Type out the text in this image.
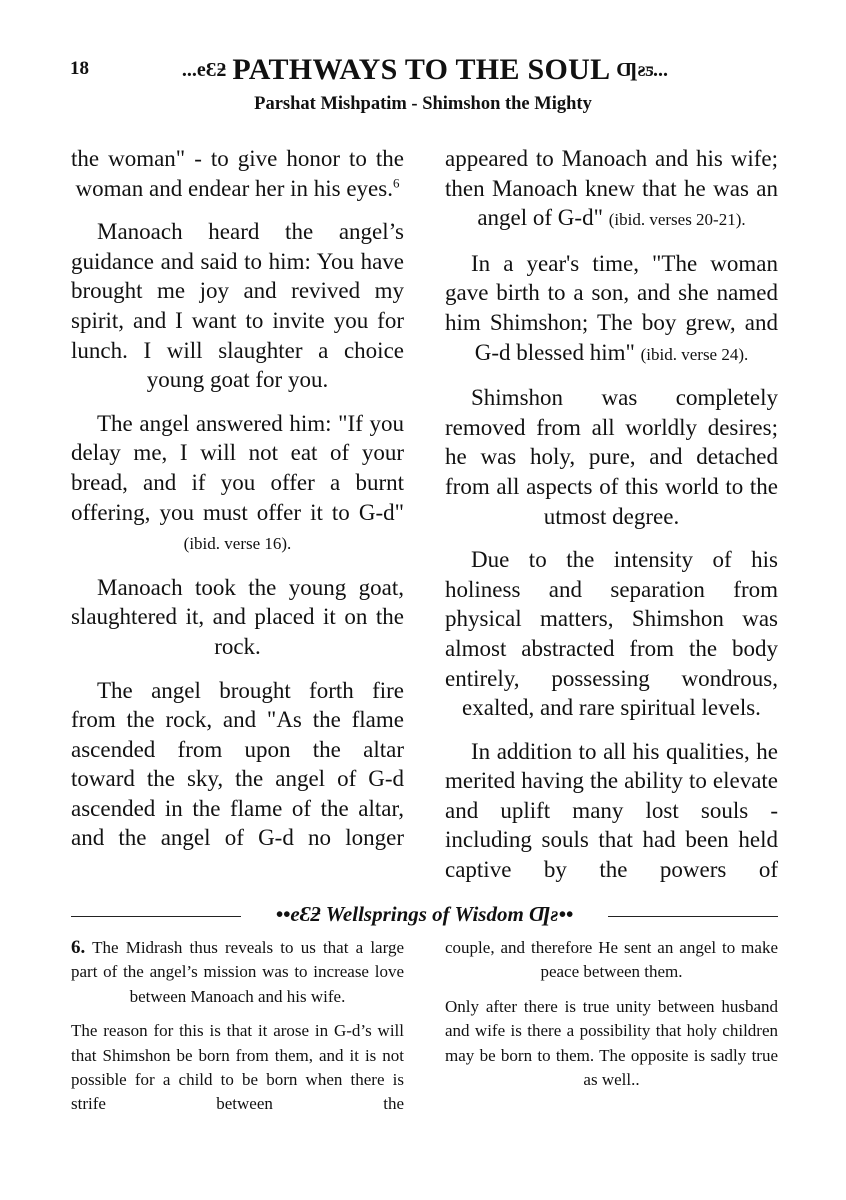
18	...eƐƻ PATHWAYS TO THE SOUL Ƣƨƽ...
Parshat Mishpatim - Shimshon the Mighty

the woman" - to give honor to the woman and endear her in his eyes.$^6$

Manoach heard the angel’s guidance and said to him: You have brought me joy and revived my spirit, and I want to invite you for lunch. I will slaughter a choice young goat for you.

The angel answered him: "If you delay me, I will not eat of your bread, and if you offer a burnt offering, you must offer it to G-d" (ibid. verse 16).

Manoach took the young goat, slaughtered it, and placed it on the rock.

The angel brought forth fire from the rock, and "As the flame ascended from upon the altar toward the sky, the angel of G-d ascended in the flame of the altar, and the angel of G-d no longer

appeared to Manoach and his wife; then Manoach knew that he was an angel of G-d" (ibid. verses 20-21).

In a year's time, "The woman gave birth to a son, and she named him Shimshon; The boy grew, and G-d blessed him" (ibid. verse 24).

Shimshon was completely removed from all worldly desires; he was holy, pure, and detached from all aspects of this world to the utmost degree.

Due to the intensity of his holiness and separation from physical matters, Shimshon was almost abstracted from the body entirely, possessing wondrous, exalted, and rare spiritual levels.

In addition to all his qualities, he merited having the ability to elevate and uplift many lost souls - including souls that had been held captive by the powers of

••eƐƻ Wellsprings of Wisdom Ƣƨ••

6. The Midrash thus reveals to us that a large part of the angel’s mission was to increase love between Manoach and his wife.

The reason for this is that it arose in G-d’s will that Shimshon be born from them, and it is not possible for a child to be born when there is strife between the

couple, and therefore He sent an angel to make peace between them.

Only after there is true unity between husband and wife is there a possibility that holy children may be born to them. The opposite is sadly true as well..
